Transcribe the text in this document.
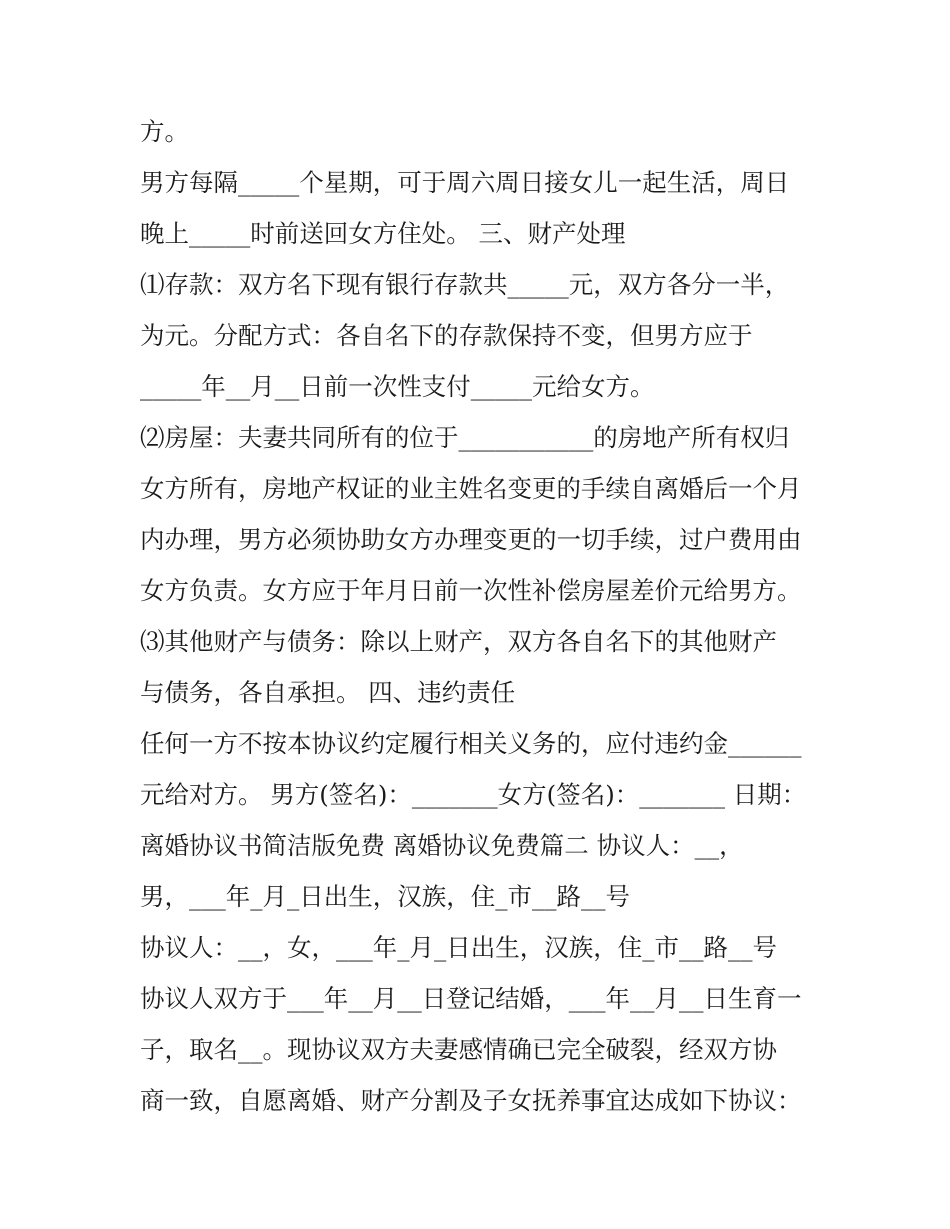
方。
男方每隔_____个星期，可于周六周日接女儿一起生活，周日
晚上_____时前送回女方住处。 三、财产处理
⑴存款：双方名下现有银行存款共_____元，双方各分一半，
为元。分配方式：各自名下的存款保持不变，但男方应于
_____年__月__日前一次性支付_____元给女方。
⑵房屋：夫妻共同所有的位于___________的房地产所有权归
女方所有，房地产权证的业主姓名变更的手续自离婚后一个月
内办理，男方必须协助女方办理变更的一切手续，过户费用由
女方负责。女方应于年月日前一次性补偿房屋差价元给男方。
⑶其他财产与债务：除以上财产，双方各自名下的其他财产
与债务，各自承担。 四、违约责任
任何一方不按本协议约定履行相关义务的，应付违约金______
元给对方。 男方(签名)：_______女方(签名)：_______ 日期：
离婚协议书简洁版免费 离婚协议免费篇二 协议人：__，
男，___年_月_日出生，汉族，住_市__路__号
协议人：__，女，___年_月_日出生，汉族，住_市__路__号
协议人双方于___年__月__日登记结婚，___年__月__日生育一
子，取名__。现协议双方夫妻感情确已完全破裂，经双方协
商一致，自愿离婚、财产分割及子女抚养事宜达成如下协议：
